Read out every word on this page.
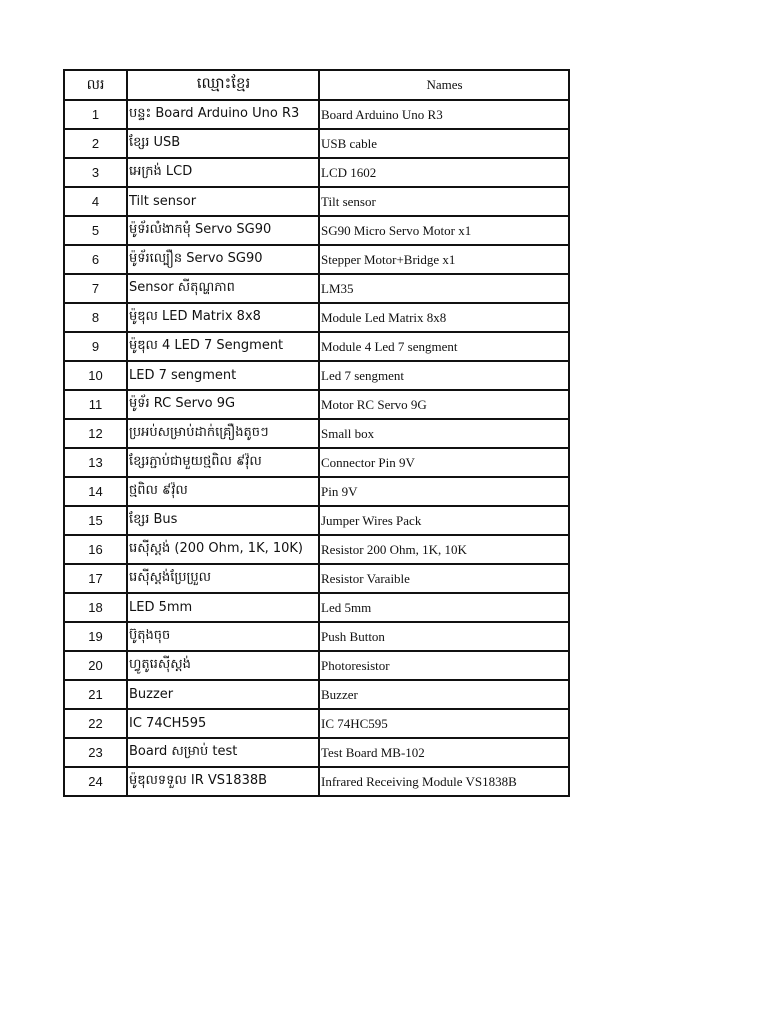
លរ	ឈ្មោះខ្មែរ	Names
1	បន្ទះ Board Arduino Uno R3	Board Arduino Uno R3
2	ខ្សែរ USB	USB cable
3	អេក្រង់ LCD	LCD 1602
4	Tilt sensor	Tilt sensor
5	ម៉ូទ័រលំងាកមុំ Servo SG90	SG90 Micro Servo Motor x1
6	ម៉ូទ័រល្បឿន Servo SG90	Stepper Motor+Bridge x1
7	Sensor សីតុណ្ហភាព	LM35
8	ម៉ូឌុល LED Matrix 8x8	Module Led Matrix 8x8
9	ម៉ូឌុល 4 LED 7 Sengment	Module 4 Led 7 sengment
10	LED 7 sengment	Led 7 sengment
11	ម៉ូទ័រ RC Servo 9G	Motor RC Servo 9G
12	ប្រអប់សម្រាប់ដាក់គ្រឿងតូចៗ	Small box
13	ខ្សែរភ្ជាប់ជាមួយថ្មពិល ៩វ៉ុល	Connector Pin 9V
14	ថ្មពិល ៩វ៉ុល	Pin 9V
15	ខ្សែរ Bus	Jumper Wires Pack
16	រេស៊ីស្តង់ (200 Ohm, 1K, 10K)	Resistor 200 Ohm, 1K, 10K
17	រេស៊ីស្តង់ប្រែប្រួល	Resistor Varaible
18	LED 5mm	Led 5mm
19	ប៊ូតុងចុច	Push Button
20	ហ្វូតូរេស៊ីស្តង់	Photoresistor
21	Buzzer	Buzzer
22	IC 74CH595	IC 74HC595
23	Board សម្រាប់ test	Test Board MB-102
24	ម៉ូឌុលទទួល IR VS1838B	Infrared Receiving Module VS1838B
